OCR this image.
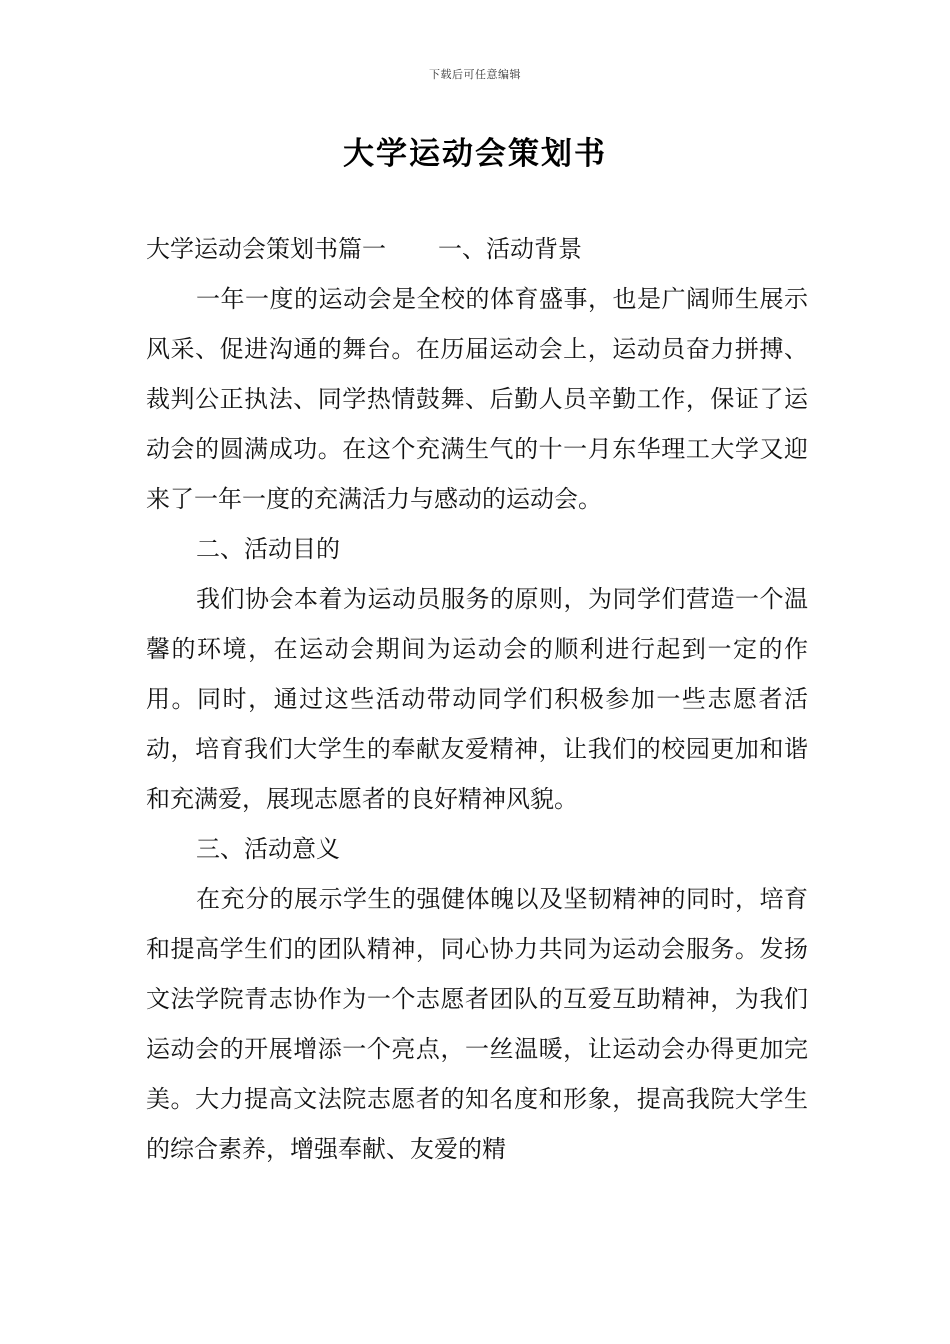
下载后可任意编辑
大学运动会策划书

大学运动会策划书篇一 一、活动背景

一年一度的运动会是全校的体育盛事，也是广阔师生展示风采、促进沟通的舞台。在历届运动会上，运动员奋力拼搏、裁判公正执法、同学热情鼓舞、后勤人员辛勤工作，保证了运动会的圆满成功。在这个充满生气的十一月东华理工大学又迎来了一年一度的充满活力与感动的运动会。

二、活动目的

我们协会本着为运动员服务的原则，为同学们营造一个温馨的环境，在运动会期间为运动会的顺利进行起到一定的作用。同时，通过这些活动带动同学们积极参加一些志愿者活动，培育我们大学生的奉献友爱精神，让我们的校园更加和谐和充满爱，展现志愿者的良好精神风貌。

三、活动意义

在充分的展示学生的强健体魄以及坚韧精神的同时，培育和提高学生们的团队精神，同心协力共同为运动会服务。发扬文法学院青志协作为一个志愿者团队的互爱互助精神，为我们运动会的开展增添一个亮点，一丝温暖，让运动会办得更加完美。大力提高文法院志愿者的知名度和形象，提高我院大学生的综合素养，增强奉献、友爱的精
